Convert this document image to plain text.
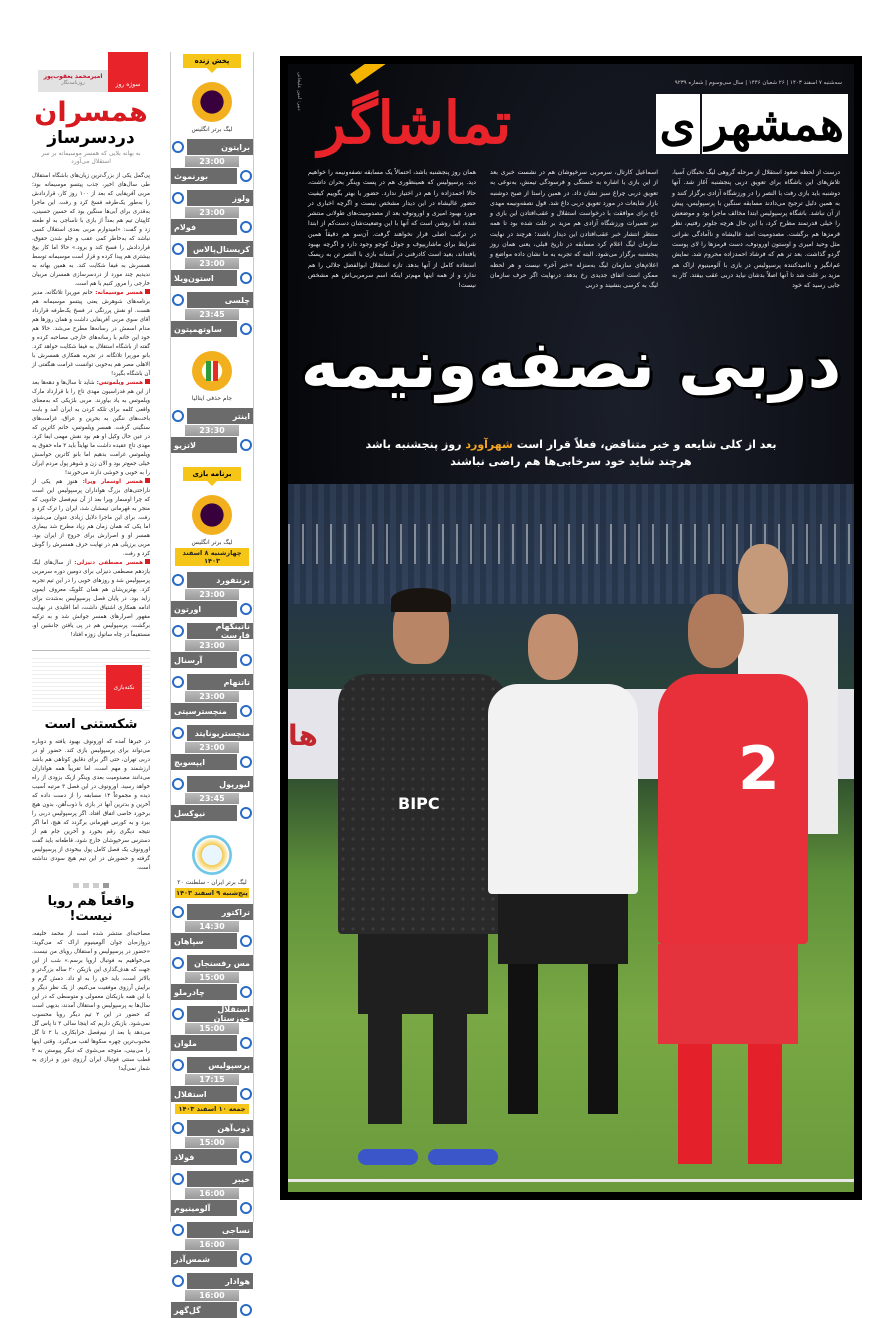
سوژه روز
امیرمحمد یعقوب‌پور
روزنامه‌نگار
همسران
دردسرساز
به بهانه بلایی که همسر موسیمانه بر سر استقلال می‌آورد

پی‌گمل یکی از بزرگ‌ترین زیان‌های باشگاه استقلال طی سال‌های اخیر، جذب پیتسو موسیمانه بود؛ مربی آفریقایی که بعد از ۱۰۰ روز کار، قراردادش را به‌طور یک‌طرفه فسخ کرد و رفت. این ماجرا به‌قدری برای آبی‌ها سنگین بود که حسین حسینی، کاپیتان تیم هم بعداً از بازی با ناساجی به او طعنه زد و گفت: «امیدوارم مربی بعدی استقلال کسی نباشد که به‌خاطر کمی عقب و جلو شدن حقوق، قراردادش را فسخ کند و برود.» حالا اما کار بیخ بیشتری هم پیدا کرده و قرار است موسیمانه توسط همسرش به فیفا شکایت کند. به همین بهانه به ندیدیم چند مورد از دردسرسازی همسران مربیان خارجی را مرور کنیم با هم است.

همسر موسیمانه: خانم موریرا تلاتگانه، مدیر برنامه‌های شوهرش یعنی پیتسو موسیمانه هم هست. او نقش پررنگی در فسخ یک‌طرفه قرارداد آقای سوی مربی آفریقایی داشت و همان روزها هم مدام اسمش در رسانه‌ها مطرح می‌شد. حالا هم خود این خانم با رسانه‌های خارجی مصاحبه کرده و گفته از باشگاه استقلال به فیفا شکایت خواهد کرد. بانو موریرا تلاتگانه در تجربه همکاری همسرش با الاهلی مصر هم به‌خوبی توانست غرامت هنگفتی از آن باشگاه بگیرد!

همسر ویلموتس: شاید تا سال‌ها و دهه‌ها بعد از این هم فدراسیون مهدی تاج را با قرارداد مارک ویلموتس به یاد بیاورند. مربی بلژیکی که به‌معنای واقعی کلمه برای تلکه کردن به ایران آمد و بابت باخت‌های ننگین به بحرین و عراق، غرامت‌های سنگینی گرفت. همسر ویلموتس، خانم کاترین که در عین حال وکیل او هم بود نقش مهمی ایفا کرد. مهدی تاج عقیده داشت ما نهایتاً باید ۳ ماه حقوق به ویلموتس غرامت بدهیم اما بانو کاترین حواسش خیلی جمع‌تر بود و الان زن و شوهر پول مردم ایران را به خوبی و خوشی دارند می‌خورند!

همسر اوسمار ویرا: هنوز هم یکی از ناراحتی‌های بزرگ هواداران پرسپولیس این است که چرا اوسمار ویرا بعد از آن نیم‌فصل جادویی که منجر به قهرمانی تیمشان شد، ایران را ترک کرد و رفت. برای این ماجرا دلایل زیادی عنوان می‌شود، اما یکی که همان زمان هم زیاد مطرح شد بیماری همسر او و اصرارش برای خروج از ایران بود. مربی برزیلی هم در نهایت حرف همسرش را گوش کرد و رفت.

همسر مصطفی دنیزلی: از سال‌های لیگ یازدهم مصطفی دنیزلی برای دومین دوره سرمربی پرسپولیس شد و روزهای خوبی را در این تیم تجربه کرد. بهترین‌شان هم همان کلوپک معروف ایمون زاید بود. در پایان فصل پرسپولیس به‌شدت برای ادامه همکاری اشتیاق داشت، اما اقلیدی در نهایت مقهور اصرارهای همسر جوانش شد و به ترکیه برگشت. پرسپولیس هم در پی یافتن جانشین او، مستقیماً در چاه سانول زوزه افتاد!

نکته‌بازی
شکستنی است
در خبرها آمده که اورونوف بهبود یافته و دوباره می‌تواند برای پرسپولیس بازی کند. حضور او در دربی تهران، حتی اگر برای دقایق کوتاهی هم باشد ارزشمند و مهم است، اما تقریباً همه هواداران می‌دانند مصدومیت بعدی وینگر ازبک بزودی از راه خواهد رسید. اورونوف در این فصل ۳ مرتبه آسیب دیده و مجموعاً ۱۴ مسابقه را از دست داده که آخرین و بدترین آنها در بازی با ذوب‌آهن، بدون هیچ برخورد خاصی اتفاق افتاد. اگر پرسپولیس دربی را ببرد و به کورس قهرمانی برگردد که هیچ، اما اگر نتیجه دیگری رقم بخورد و آخرین جام هم از دسترس سرخپوشان خارج شود، قاطعانه باید گفت اورونوف یک فصل کامل پول بیخودی از پرسپولیس گرفته و حضورش در این تیم هیچ سودی نداشته است.
واقعاً هم رویا نیست!
مصاحبه‌ای منتشر شده است از محمد خلیفه، دروازه‌بان جوان آلومینیوم اراک که می‌گوید: «حضور در پرسپولیس و استقلال رویای من نیست. می‌خواهیم به فوتبال اروپا برسم.» شب از این جهت که هدف‌گذاری این بازیکن ۲۰ ساله بزرگ‌تر و بالاتر است، باید حق را به او داد. دمش گرم و برایش آرزوی موفقیت می‌کنیم. از یک نظر دیگر و با این همه بازیکنان معمولی و متوسطی که در این سال‌ها به پرسپولیس و استقلال آمدند، بدیهی است که حضور در این ۲ تیم دیگر رویا محسوب نمی‌شود. بازیکن داریم که اینجا سالی ۳ تا پاس گل می‌دهد یا بعد از نیم‌فصل خرابکاری، با ۲ تا گل محبوب‌ترین چهره سکوها لقب می‌گیرد. وقتی اینها را می‌بینی، متوجه می‌شوی که دیگر پیوستن به ۲ قطب سنتی فوتبال ایران آرزوی دور و درازی به شمار نمی‌آید!
پخش زنده
لیگ برتر انگلیس
برایتون
23:00
بورنموث
ولوز
23:00
فولام
کریستال‌پالاس
23:00
استون‌ویلا
چلسی
23:45
ساوتهمپتون
جام حذفی ایتالیا
اینتر
23:30
لاتزیو
برنامه بازی
لیگ برتر انگلیس
چهارشنبه ۸ اسفند ۱۴۰۳
برنتفورد
23:00
اورتون
ناتینگهام فارست
23:00
آرسنال
تاتنهام
23:00
منچسترسیتی
منچستریونایتد
23:00
ایپسویچ
لیورپول
23:45
نیوکسل
لیگ برتر ایران - سلطنت ۲۰
پنج‌شنبه ۹ اسفند ۱۴۰۳
تراکتور
14:30
سپاهان
مس رفسنجان
15:00
چادرملو
استقلال خوزستان
15:00
ملوان
پرسپولیس
17:15
استقلال
جمعه ۱۰ اسفند ۱۴۰۳
ذوب‌آهن
15:00
فولاد
خیبر
16:00
آلومینیوم
نساجی
16:00
شمس‌آذر
هوادار
16:00
گل‌گهر
دبیر: امین علیخانی	سه‌شنبه ۷ اسفند ۱۴۰۳ | ۲۶ شعبان ۱۴۴۶ | سال سی‌وسوم | شماره ۹۲۳۹
همشهر
ی
تماشاگر

درست از لحظه صعود استقلال از مرحله گروهی لیگ نخبگان آسیا، تلاش‌های این باشگاه برای تعویق دربی پنجشنبه آغاز شد. آنها دوشنبه باید بازی رفت با النصر را در ورزشگاه آزادی برگزار کنند و به همین دلیل ترجیح می‌دادند مسابقه سنگین با پرسپولیس، پیش از آن نباشد. باشگاه پرسپولیس ابتدا مخالف ماجرا بود و موضعش را خیلی قدرتمند مطرح کرد، با این حال هرچه جلوتر رفتیم، نظر قرمزها هم برگشت. مصدومیت امید عالیشاه و ناآمادگی نفراتی مثل وحید امیری و اوستون اورونوف، دست قرمزها را لای پوست گردو گذاشت. بعد تر هم که فرشاد احمدزاده محروم شد. نمایش غم‌انگیز و ناامیدکننده پرسپولیس در بازی با آلومینیوم اراک هم مزید بر علت شد تا آنها اصلاً بدشان نیاید دربی عقب بیفتد. کار به جایی رسید که خود

اسماعیل کارتال، سرمربی سرخپوشان هم در نشست خبری بعد از این بازی با اشاره به خستگی و فرسودگی تیمش، به‌نوعی به تعویق دربی چراغ سبز نشان داد. در همین راستا از صبح دوشنبه بازار شایعات در مورد تعویق دربی داغ شد. قول نصفه‌ونیمه مهدی تاج برای موافقت با درخواست استقلال و عقب‌افتادن این بازی و نیز تعمیرات ورزشگاه آزادی هم مزید بر علت شده بود تا همه منتظر انتشار خبر عقب‌افتادن این دیدار باشند؛ هرچند در نهایت سازمان لیگ اعلام کرد مسابقه در تاریخ قبلی، یعنی همان روز پنجشنبه برگزار می‌شود. البته که تجربه به ما نشان داده مواضع و اعلام‌های سازمان لیگ به‌منزله «خبر آخر» نیست و هر لحظه ممکن است اتفاق جدیدی رخ بدهد. درنهایت اگر حرف سازمان لیگ به کرسی بنشیند و دربی

همان روز پنجشنبه باشد، احتمالاً یک مسابقه نصفه‌ونیمه را خواهیم دید. پرسپولیس که همینطوری هم در پست وینگر بحران داشت، حالا احمدزاده را هم در اختیار ندارد. حضور یا بهتر بگوییم کیفیت حضور عالیشاه در این دیدار مشخص نیست و اگرچه اخباری در مورد بهبود امیری و اورونوف بعد از مصدومیت‌های طولانی منتشر شده، اما روشن است که آنها با این وضعیت‌شان دست‌کم از ابتدا در ترکیب اصلی قرار نخواهند گرفت. آن‌سو هم دقیقاً همین شرایط برای ماشاریپوف و جوئل کوجو وجود دارد و اگرچه بهبود یافته‌اند، بعید است کادرفنی در آستانه بازی با النصر تن به ریسک استفاده کامل از آنها بدهد. تازه استقلال ابوالفضل جلالی را هم ندارد و از همه اینها مهم‌تر اینکه اسم سرمربی‌اش هم مشخص نیست!

ها
BIPC	2
دربی نصفه‌ونیمه
بعد از کلی شایعه و خبر متناقض، فعلاً قرار است شهرآورد روز پنجشنبه باشد
هرچند شاید خود سرخابی‌ها هم راضی نباشند
